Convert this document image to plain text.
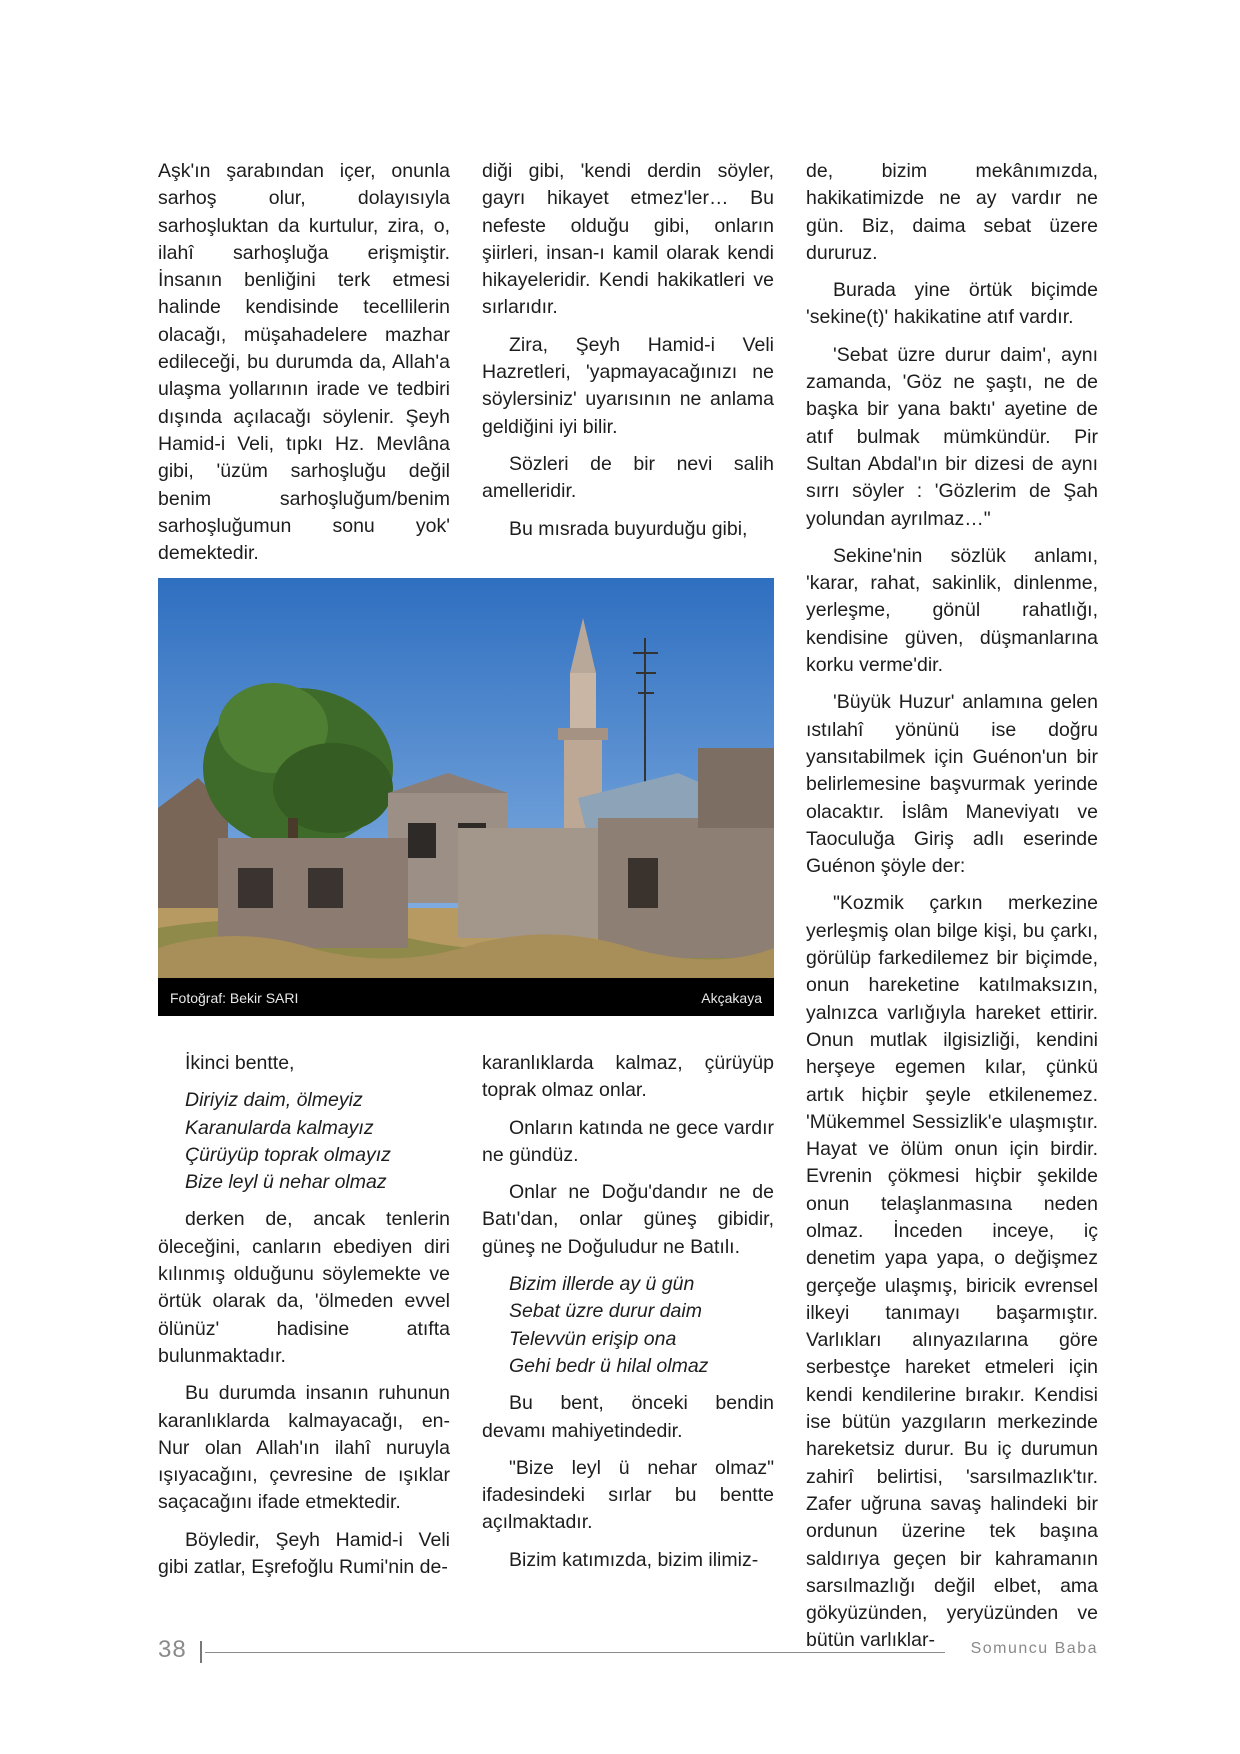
Aşk'ın şarabından içer, onunla sarhoş olur, dolayısıyla sarhoşluktan da kurtulur, zira, o, ilahî sarhoşluğa erişmiştir. İnsanın benliğini terk etmesi halinde kendisinde tecellilerin olacağı, müşahadelere mazhar edileceği, bu durumda da, Allah'a ulaşma yollarının irade ve tedbiri dışında açılacağı söylenir. Şeyh Hamid-i Veli, tıpkı Hz. Mevlâna gibi, 'üzüm sarhoşluğu değil benim sarhoşluğum/benim sarhoşluğumun sonu yok' demektedir.

diği gibi, 'kendi derdin söyler, gayrı hikayet etmez'ler… Bu nefeste olduğu gibi, onların şiirleri, insan-ı kamil olarak kendi hikayeleridir. Kendi hakikatleri ve sırlarıdır.

Zira, Şeyh Hamid-i Veli Hazretleri, 'yapmayacağınızı ne söylersiniz' uyarısının ne anlama geldiğini iyi bilir.

Sözleri de bir nevi salih amelleridir.

Bu mısrada buyurduğu gibi,

de, bizim mekânımızda, hakikatimizde ne ay vardır ne gün. Biz, daima sebat üzere dururuz.

Burada yine örtük biçimde 'sekine(t)' hakikatine atıf vardır.

'Sebat üzre durur daim', aynı zamanda, 'Göz ne şaştı, ne de başka bir yana baktı' ayetine de atıf bulmak mümkündür. Pir Sultan Abdal'ın bir dizesi de aynı sırrı söyler : 'Gözlerim de Şah yolundan ayrılmaz…"

Sekine'nin sözlük anlamı, 'karar, rahat, sakinlik, dinlenme, yerleşme, gönül rahatlığı, kendisine güven, düşmanlarına korku verme'dir.

'Büyük Huzur' anlamına gelen ıstılahî yönünü ise doğru yansıtabilmek için Guénon'un bir belirlemesine başvurmak yerinde olacaktır. İslâm Maneviyatı ve Taoculuğa Giriş adlı eserinde Guénon şöyle der:

"Kozmik çarkın merkezine yerleşmiş olan bilge kişi, bu çarkı, görülüp farkedilemez bir biçimde, onun hareketine katılmaksızın, yalnızca varlığıyla hareket ettirir. Onun mutlak ilgisizliği, kendini herşeye egemen kılar, çünkü artık hiçbir şeyle etkilenemez. 'Mükemmel Sessizlik'e ulaşmıştır. Hayat ve ölüm onun için birdir. Evrenin çökmesi hiçbir şekilde onun telaşlanmasına neden olmaz. İnceden inceye, iç denetim yapa yapa, o değişmez gerçeğe ulaşmış, biricik evrensel ilkeyi tanımayı başarmıştır. Varlıkları alınyazılarına göre serbestçe hareket etmeleri için kendi kendilerine bırakır. Kendisi ise bütün yazgıların merkezinde hareketsiz durur. Bu iç durumun zahirî belirtisi, 'sarsılmazlık'tır. Zafer uğruna savaş halindeki bir ordunun üzerine tek başına saldırıya geçen bir kahramanın sarsılmazlığı değil elbet, ama gökyüzünden, yeryüzünden ve bütün varlıklar-

Fotoğraf: Bekir SARI	Akçakaya

İkinci bentte,

Diriyiz daim, ölmeyiz
Karanularda kalmayız
Çürüyüp toprak olmayız
Bize leyl ü nehar olmaz

derken de, ancak tenlerin öleceğini, canların ebediyen diri kılınmış olduğunu söylemekte ve örtük olarak da, 'ölmeden evvel ölünüz' hadisine atıfta bulunmaktadır.

Bu durumda insanın ruhunun karanlıklarda kalmayacağı, en-Nur olan Allah'ın ilahî nuruyla ışıyacağını, çevresine de ışıklar saçacağını ifade etmektedir.

Böyledir, Şeyh Hamid-i Veli gibi zatlar, Eşrefoğlu Rumi'nin de-

karanlıklarda kalmaz, çürüyüp toprak olmaz onlar.

Onların katında ne gece vardır ne gündüz.

Onlar ne Doğu'dandır ne de Batı'dan, onlar güneş gibidir, güneş ne Doğuludur ne Batılı.

Bizim illerde ay ü gün
Sebat üzre durur daim
Televvün erişip ona
Gehi bedr ü hilal olmaz

Bu bent, önceki bendin devamı mahiyetindedir.

"Bize leyl ü nehar olmaz" ifadesindeki sırlar bu bentte açılmaktadır.

Bizim katımızda, bizim ilimiz-

38	Somuncu Baba
